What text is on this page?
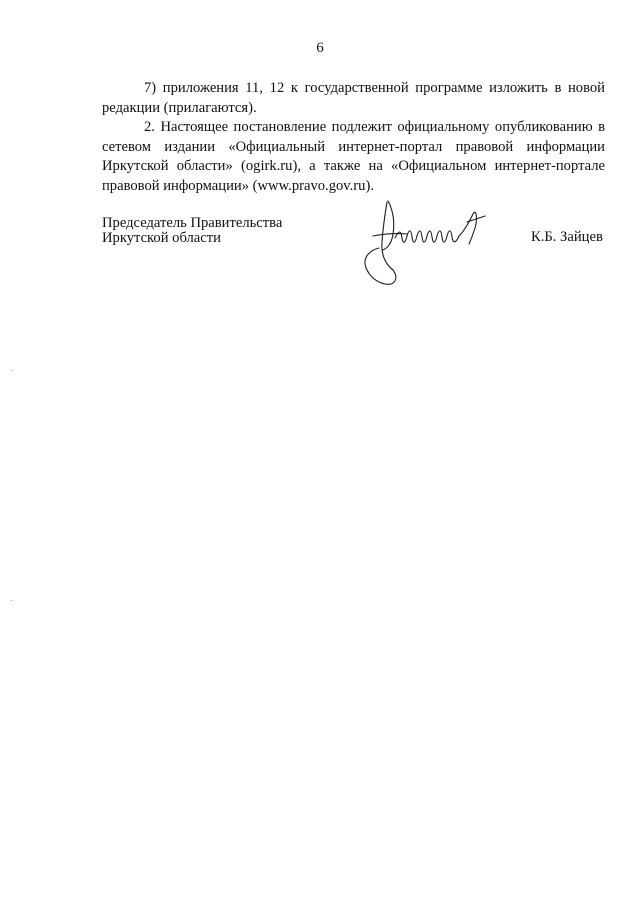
6

7) приложения 11, 12 к государственной программе изложить в новой редакции (прилагаются).

2. Настоящее постановление подлежит официальному опубликованию в сетевом издании «Официальный интернет-портал правовой информации Иркутской области» (ogirk.ru), а также на «Официальном интернет-портале правовой информации» (www.pravo.gov.ru).

Председатель Правительства
Иркутской области	К.Б. Зайцев
